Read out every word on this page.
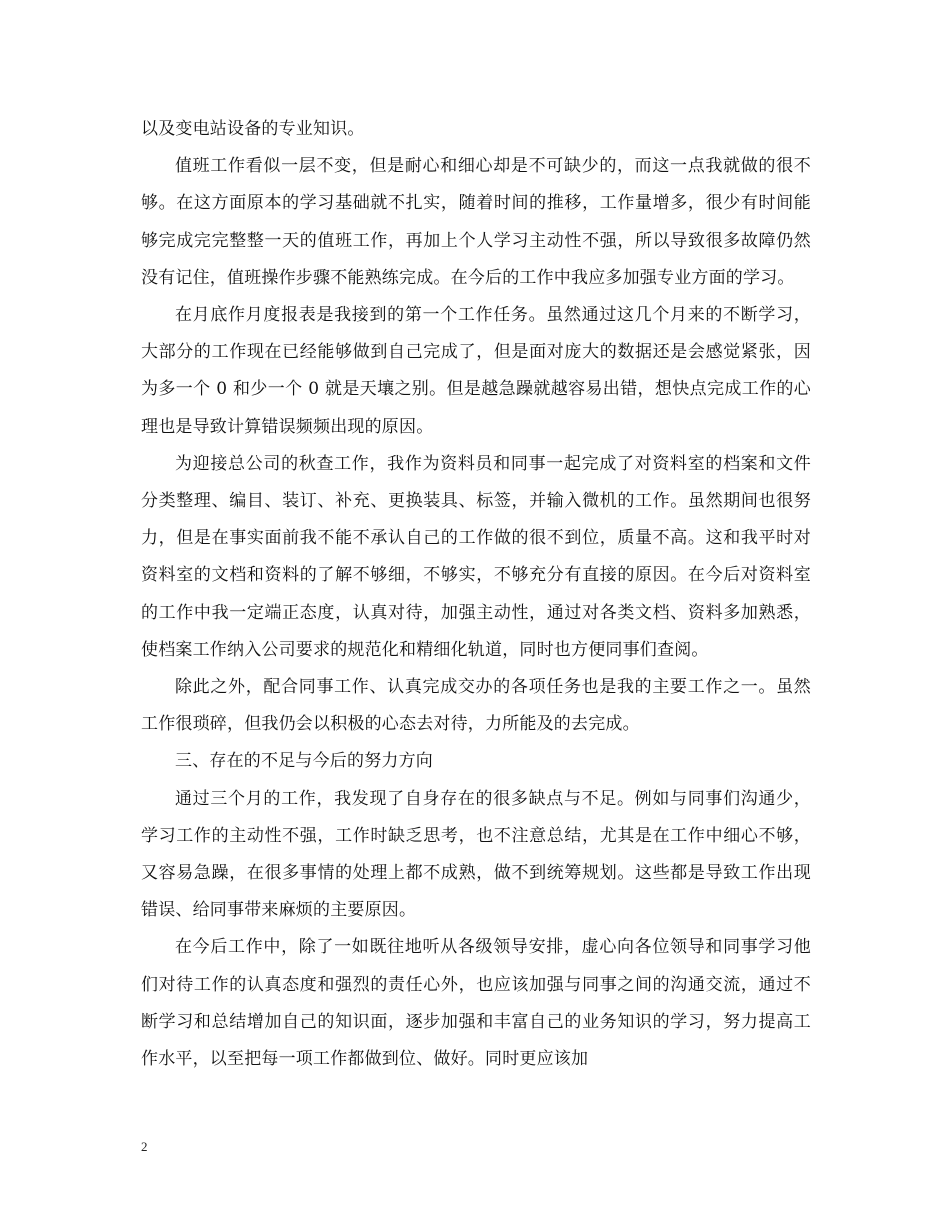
以及变电站设备的专业知识。

值班工作看似一层不变，但是耐心和细心却是不可缺少的，而这一点我就做的很不够。在这方面原本的学习基础就不扎实，随着时间的推移，工作量增多，很少有时间能够完成完完整整一天的值班工作，再加上个人学习主动性不强，所以导致很多故障仍然没有记住，值班操作步骤不能熟练完成。在今后的工作中我应多加强专业方面的学习。

在月底作月度报表是我接到的第一个工作任务。虽然通过这几个月来的不断学习，大部分的工作现在已经能够做到自己完成了，但是面对庞大的数据还是会感觉紧张，因为多一个 0 和少一个 0 就是天壤之别。但是越急躁就越容易出错，想快点完成工作的心理也是导致计算错误频频出现的原因。

为迎接总公司的秋查工作，我作为资料员和同事一起完成了对资料室的档案和文件分类整理、编目、装订、补充、更换装具、标签，并输入微机的工作。虽然期间也很努力，但是在事实面前我不能不承认自己的工作做的很不到位，质量不高。这和我平时对资料室的文档和资料的了解不够细，不够实，不够充分有直接的原因。在今后对资料室的工作中我一定端正态度，认真对待，加强主动性，通过对各类文档、资料多加熟悉，使档案工作纳入公司要求的规范化和精细化轨道，同时也方便同事们查阅。

除此之外，配合同事工作、认真完成交办的各项任务也是我的主要工作之一。虽然工作很琐碎，但我仍会以积极的心态去对待，力所能及的去完成。

三、存在的不足与今后的努力方向

通过三个月的工作，我发现了自身存在的很多缺点与不足。例如与同事们沟通少，学习工作的主动性不强，工作时缺乏思考，也不注意总结，尤其是在工作中细心不够，又容易急躁，在很多事情的处理上都不成熟，做不到统筹规划。这些都是导致工作出现错误、给同事带来麻烦的主要原因。

在今后工作中，除了一如既往地听从各级领导安排，虚心向各位领导和同事学习他们对待工作的认真态度和强烈的责任心外，也应该加强与同事之间的沟通交流，通过不断学习和总结增加自己的知识面，逐步加强和丰富自己的业务知识的学习，努力提高工作水平，以至把每一项工作都做到位、做好。同时更应该加

2
